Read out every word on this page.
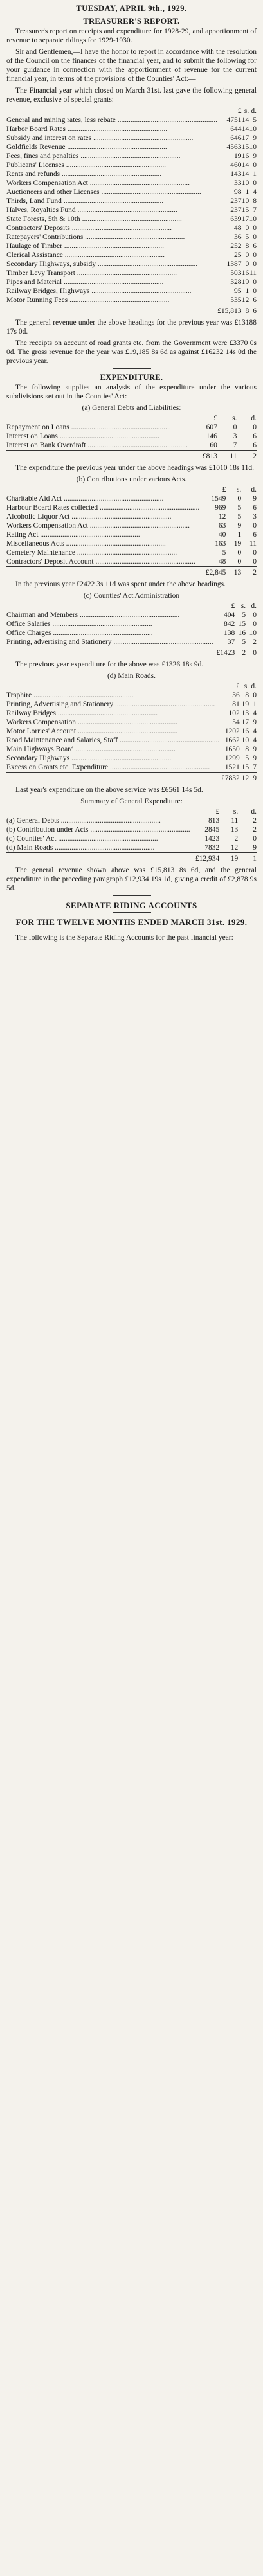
TUESDAY, APRIL 9th., 1929.
TREASURER'S REPORT.

Treasurer's report on receipts and expenditure for 1928-29, and apportionment of revenue to separate ridings for 1929-1930.

Sir and Gentlemen,—I have the honor to report in accordance with the resolution of the Council on the finances of the financial year, and to submit the following for your guidance in connection with the apportionment of revenue for the current financial year, in terms of the provisions of the Counties' Act:—

The Financial year which closed on March 31st. last gave the following general revenue, exclusive of special grants:—

	£	s.	d.
General and mining rates, less rebate .....	4751	14	5
Harbor Board Rates .....	644	14	10
Subsidy and interest on rates .....	646	17	9
Goldfields Revenue .....	4563	15	10
Fees, fines and penalties .....	19	16	9
Publicans' Licenses .....	460	14	0
Rents and refunds .....	143	14	1
Workers Compensation Act .....	33	10	0
Auctioneers and other Licenses .....	98	1	4
Thirds, Land Fund .....	237	10	8
Halves, Royalties Fund .....	237	15	7
State Forests, 5th & 10th .....	639	17	10
Contractors' Deposits .....	48	0	0
Ratepayers' Contributions .....	36	5	0
Haulage of Timber .....	252	8	6
Clerical Assistance .....	25	0	0
Secondary Highways, subsidy .....	1387	0	0
Timber Levy Transport .....	503	16	11
Pipes and Material .....	328	19	0
Railway Bridges, Highways .....	95	1	0
Motor Running Fees .....	535	12	6
	£15,813	8	6

The general revenue under the above headings for the previous year was £13188 17s 0d.

The receipts on account of road grants etc. from the Government were £3370 0s 0d. The gross revenue for the year was £19,185 8s 6d as against £16232 14s 0d the previous year.

EXPENDITURE.

The following supplies an analysis of the expenditure under the various subdivisions set out in the Counties' Act:

(a) General Debts and Liabilities:
	£	s.	d.
Repayment on Loans .....	607	0	0
Interest on Loans .....	146	3	6
Interest on Bank Overdraft .....	60	7	6
	£813	11	2

The expenditure the previous year under the above headings was £1010 18s 11d.

(b) Contributions under various Acts.
	£	s.	d.
Charitable Aid Act .....	1549	0	9
Harbour Board Rates collected .....	969	5	6
Alcoholic Liquor Act .....	12	5	3
Workers Compensation Act .....	63	9	0
Rating Act .....	40	1	6
Miscellaneous Acts .....	163	19	11
Cemetery Maintenance .....	5	0	0
Contractors' Deposit Account .....	48	0	0
	£2,845	13	2

In the previous year £2422 3s 11d was spent under the above headings.

(c) Counties' Act Administration
	£	s.	d.
Chairman and Members .....	404	5	0
Office Salaries .....	842	15	0
Office Charges .....	138	16	10
Printing, advertising and Stationery .....	37	5	2
	£1423	2	0

The previous year expenditure for the above was £1326 18s 9d.

(d) Main Roads.
	£	s.	d.
Traphire .....	36	8	0
Printing, Advertising and Stationery .....	81	19	1
Railway Bridges .....	102	13	4
Workers Compensation .....	54	17	9
Motor Lorries' Account .....	1202	16	4
Road Maintenance and Salaries, Staff .....	1662	10	4
Main Highways Board .....	1650	8	9
Secondary Highways .....	1299	5	9
Excess on Grants etc. Expenditure .....	1521	15	7
	£7832	12	9

Last year's expenditure on the above service was £6561 14s 5d.

Summary of General Expenditure:
	£	s.	d.
(a) General Debts .....	813	11	2
(b) Contribution under Acts .....	2845	13	2
(c) Counties' Act .....	1423	2	0
(d) Main Roads .....	7832	12	9
	£12,934	19	1

The general revenue shown above was £15,813 8s 6d, and the general expenditure in the preceding paragraph £12,934 19s 1d, giving a credit of £2,878 9s 5d.

SEPARATE RIDING ACCOUNTS
FOR THE TWELVE MONTHS ENDED MARCH 31st. 1929.

The following is the Separate Riding Accounts for the past financial year:—
